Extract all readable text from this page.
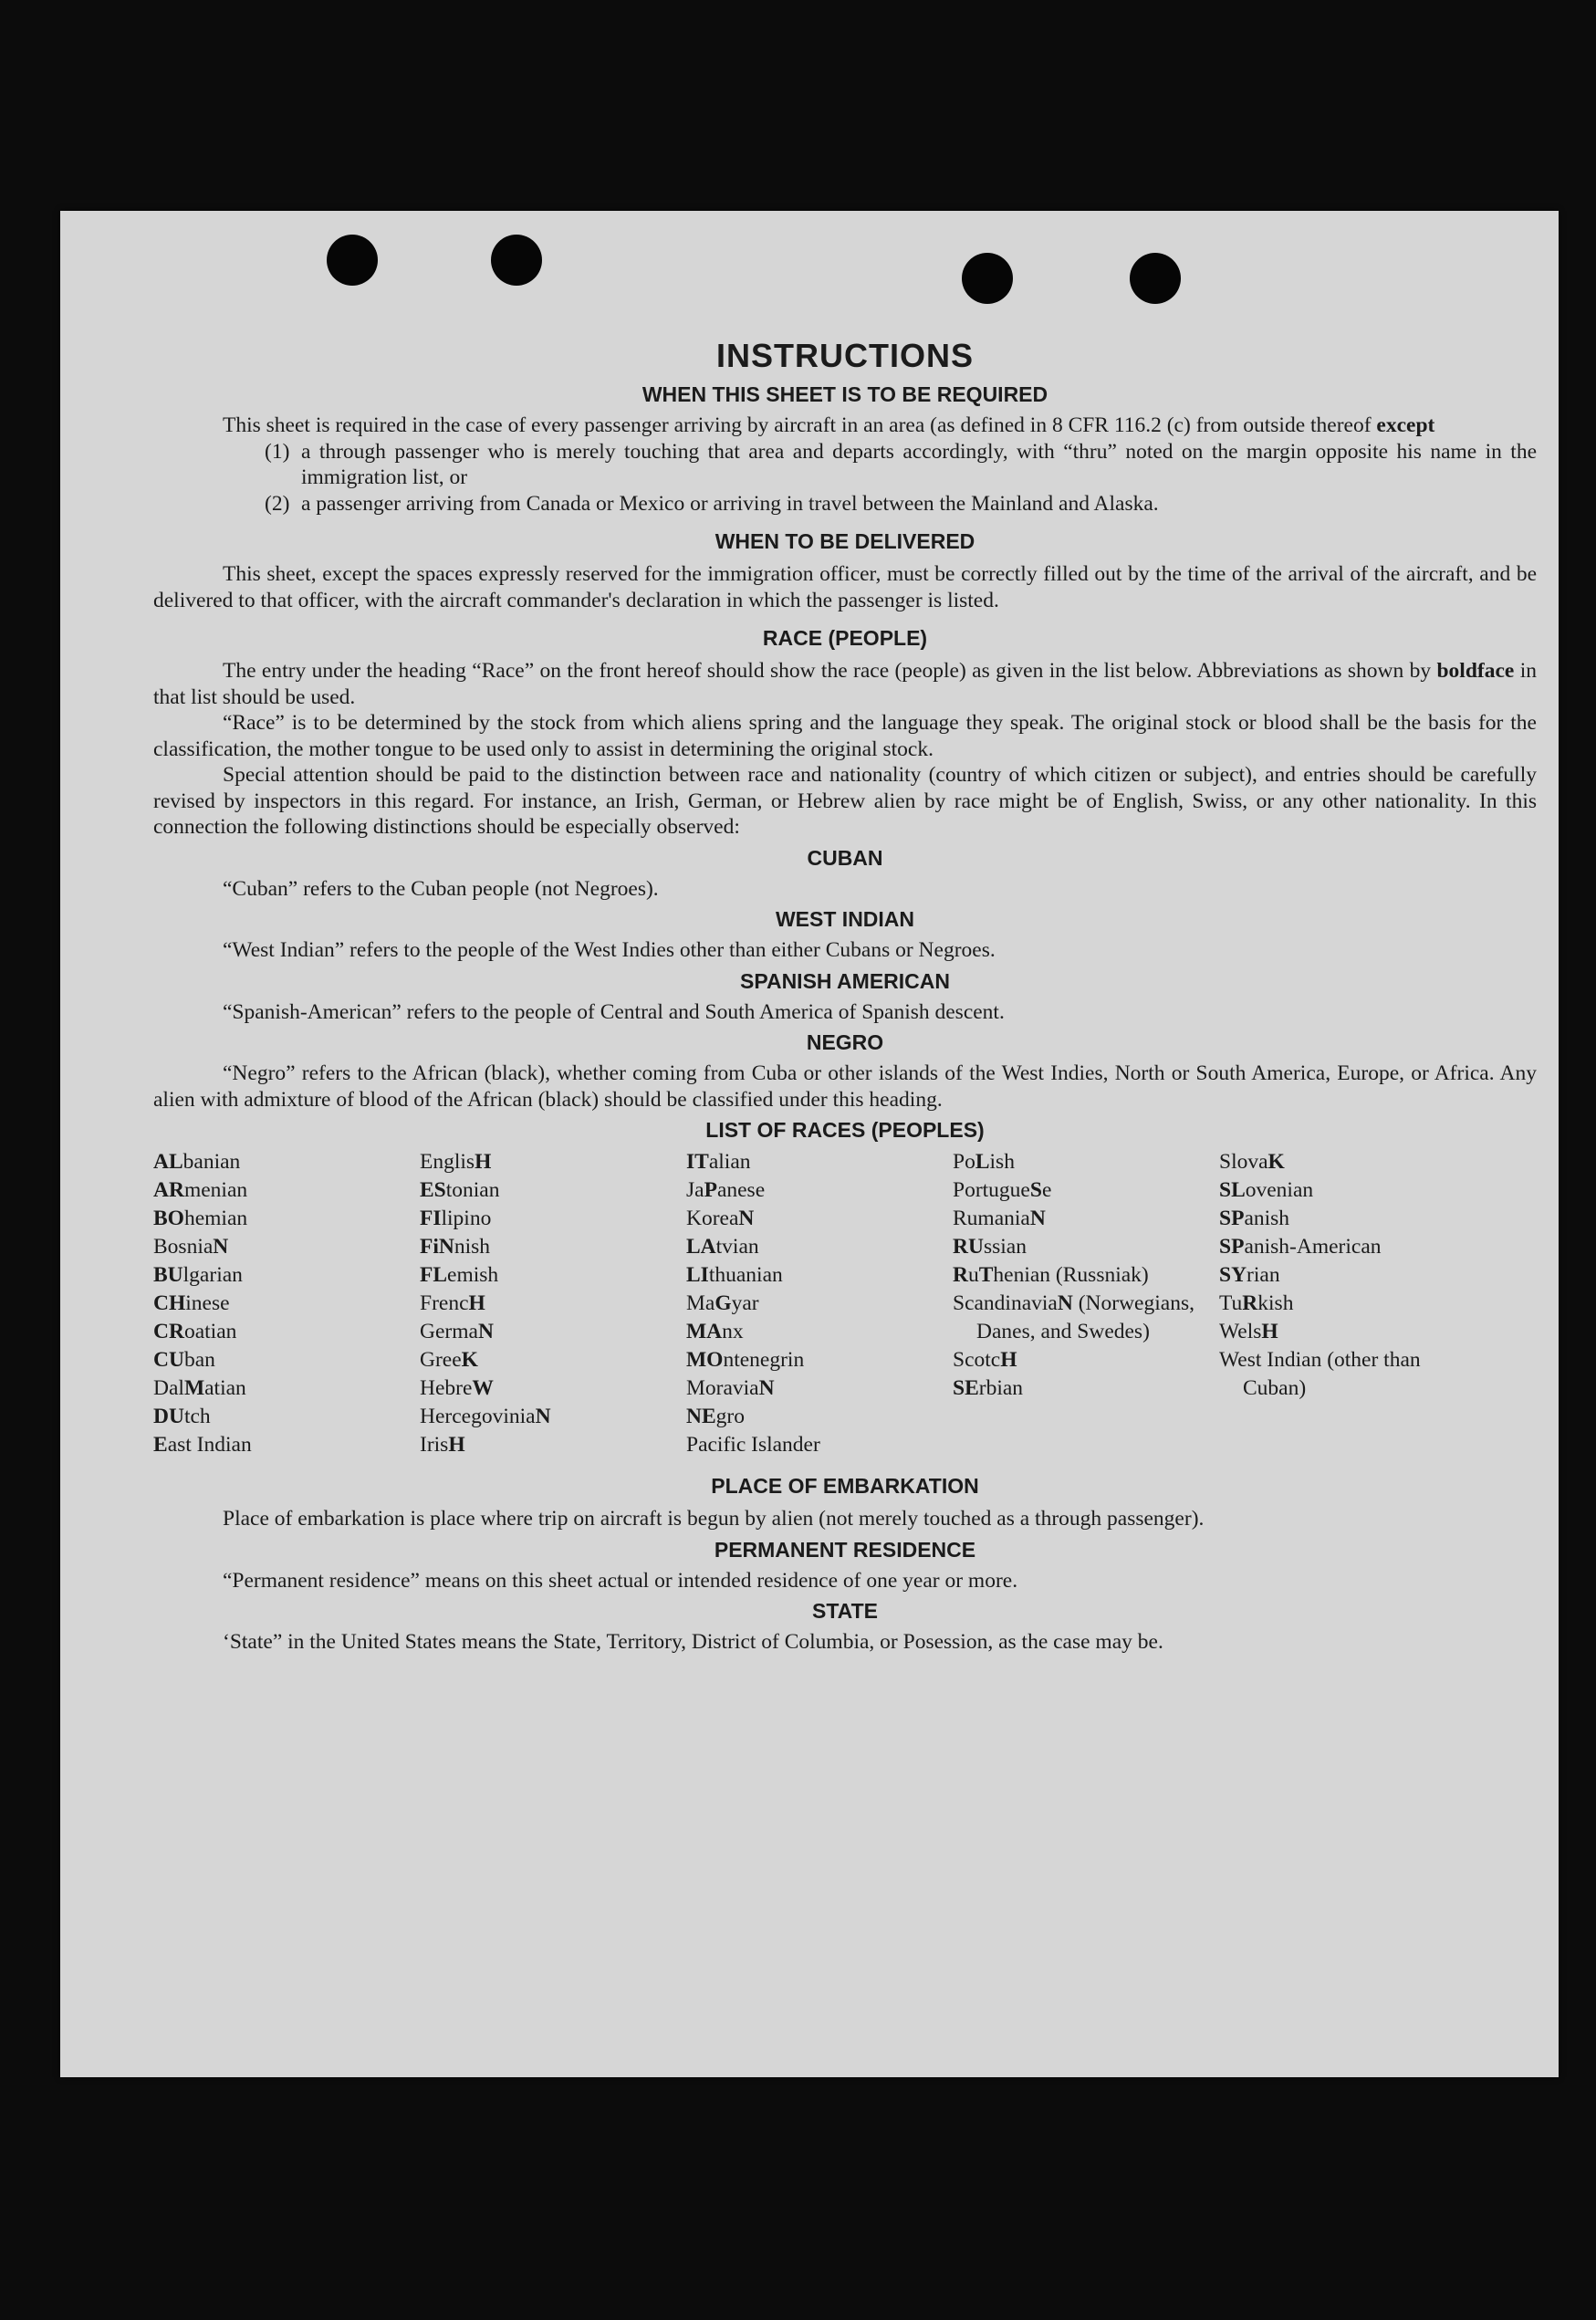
INSTRUCTIONS
WHEN THIS SHEET IS TO BE REQUIRED

This sheet is required in the case of every passenger arriving by aircraft in an area (as defined in 8 CFR 116.2 (c) from outside thereof except

(1) a through passenger who is merely touching that area and departs accordingly, with “thru” noted on the margin opposite his name in the immigration list, or
(2) a passenger arriving from Canada or Mexico or arriving in travel between the Mainland and Alaska.
WHEN TO BE DELIVERED

This sheet, except the spaces expressly reserved for the immigration officer, must be correctly filled out by the time of the arrival of the aircraft, and be delivered to that officer, with the aircraft commander's declaration in which the passenger is listed.

RACE (PEOPLE)

The entry under the heading “Race” on the front hereof should show the race (people) as given in the list below. Abbreviations as shown by boldface in that list should be used.

“Race” is to be determined by the stock from which aliens spring and the language they speak. The original stock or blood shall be the basis for the classification, the mother tongue to be used only to assist in determining the original stock.

Special attention should be paid to the distinction between race and nationality (country of which citizen or subject), and entries should be carefully revised by inspectors in this regard. For instance, an Irish, German, or Hebrew alien by race might be of English, Swiss, or any other nationality. In this connection the following distinctions should be especially observed:

CUBAN

“Cuban” refers to the Cuban people (not Negroes).

WEST INDIAN

“West Indian” refers to the people of the West Indies other than either Cubans or Negroes.

SPANISH AMERICAN

“Spanish-American” refers to the people of Central and South America of Spanish descent.

NEGRO

“Negro” refers to the African (black), whether coming from Cuba or other islands of the West Indies, North or South America, Europe, or Africa. Any alien with admixture of blood of the African (black) should be classified under this heading.

LIST OF RACES (PEOPLES)
ALbanian
ARmenian
BOhemian
BosniaN
BUlgarian
CHinese
CRoatian
CUban
DalMatian
DUtch
East Indian
EnglisH
EStonian
FIlipino
FiNnish
FLemish
FrencH
GermaN
GreeK
HebreW
HercegoviniaN
IrisH
ITalian
JaPanese
KoreaN
LAtvian
LIthuanian
MaGyar
MAnx
MOntenegrin
MoraviaN
NEgro
Pacific Islander
PoLish
PortugueSe
RumaniaN
RUssian
RuThenian (Russniak)
ScandinaviaN (Norwegians, Danes, and Swedes)
ScotcH
SErbian
SlovaK
SLovenian
SPanish
SPanish-American
SYrian
TuRkish
WelsH
West Indian (other than Cuban)
PLACE OF EMBARKATION

Place of embarkation is place where trip on aircraft is begun by alien (not merely touched as a through passenger).

PERMANENT RESIDENCE

“Permanent residence” means on this sheet actual or intended residence of one year or more.

STATE

‘State” in the United States means the State, Territory, District of Columbia, or Posession, as the case may be.
